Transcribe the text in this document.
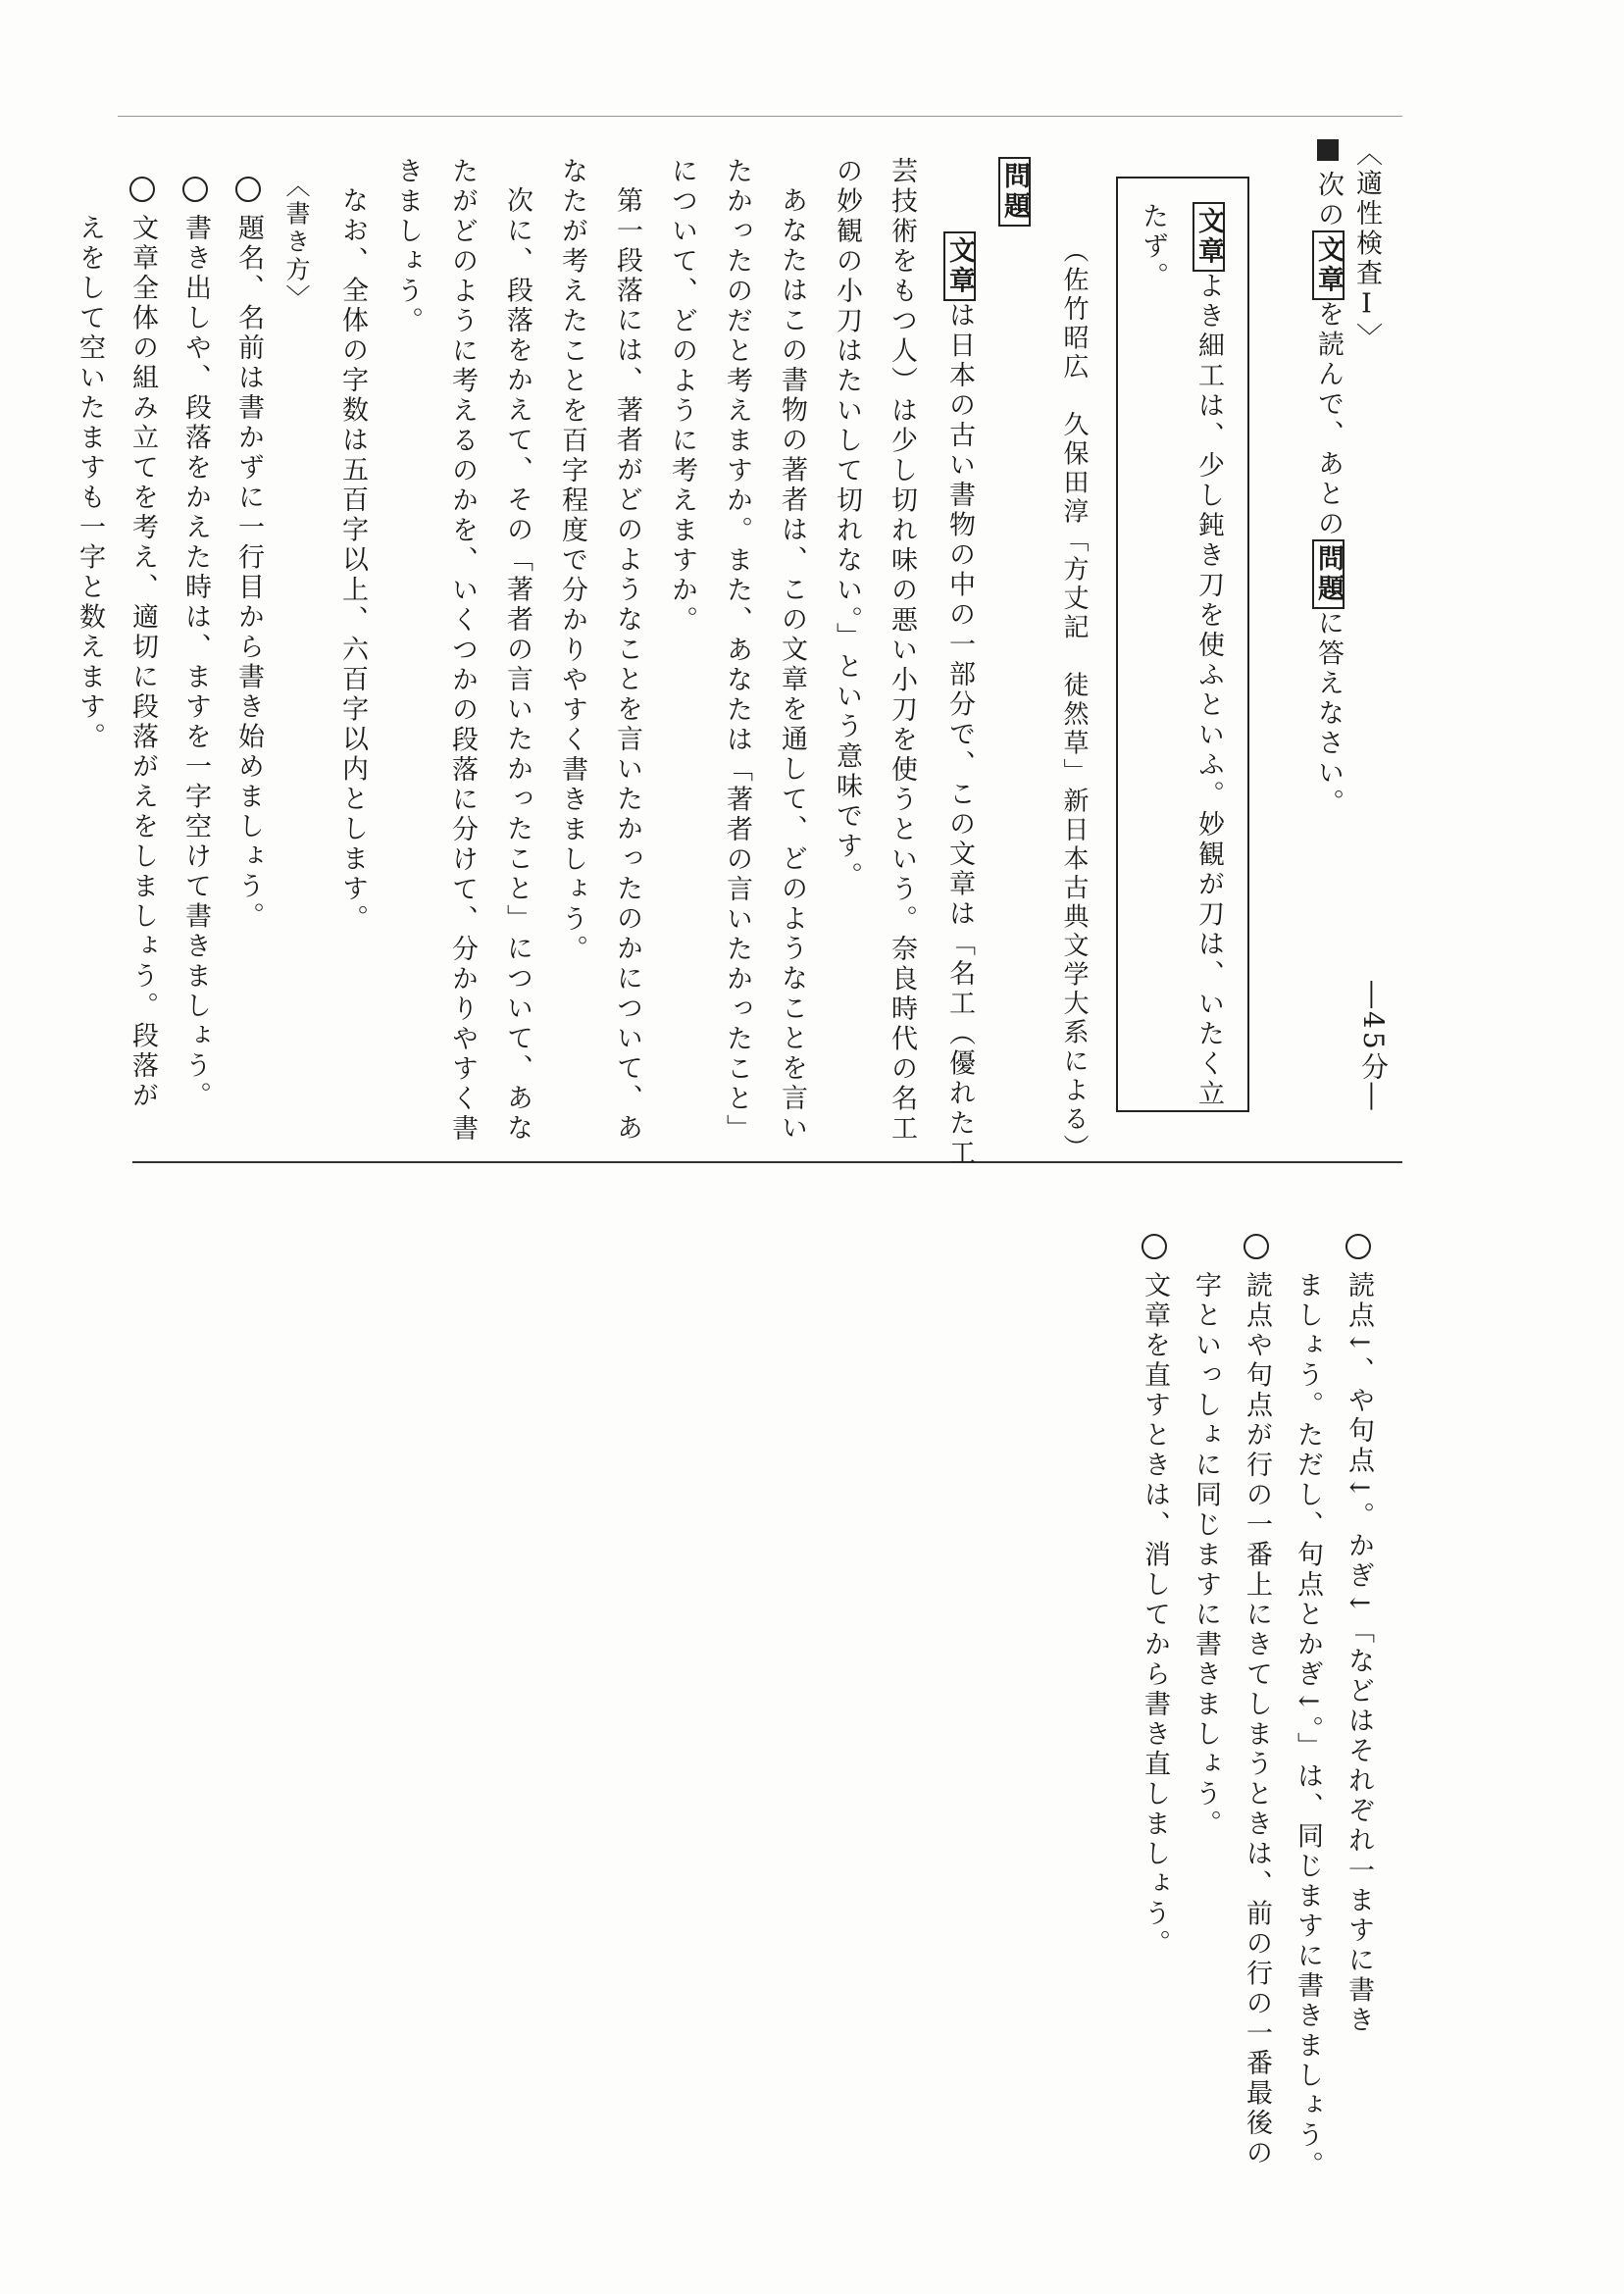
〈適性検査Ⅰ〉
次の文章を読んで、あとの問題に答えなさい。
―45分―
文章よき細工は、少し鈍き刀を使ふといふ。妙観が刀は、いたく立
たず。
（佐竹昭広　久保田淳「方丈記　徒然草」新日本古典文学大系による）
問題
文章は日本の古い書物の中の一部分で、この文章は「名工（優れた工
芸技術をもつ人）は少し切れ味の悪い小刀を使うという。奈良時代の名工
の妙観の小刀はたいして切れない。」という意味です。
あなたはこの書物の著者は、この文章を通して、どのようなことを言い
たかったのだと考えますか。また、あなたは「著者の言いたかったこと」
について、どのように考えますか。
第一段落には、著者がどのようなことを言いたかったのかについて、あ
なたが考えたことを百字程度で分かりやすく書きましょう。
次に、段落をかえて、その「著者の言いたかったこと」について、あな
たがどのように考えるのかを、いくつかの段落に分けて、分かりやすく書
きましょう。
なお、全体の字数は五百字以上、六百字以内とします。
〈書き方〉
題名、名前は書かずに一行目から書き始めましょう。
書き出しや、段落をかえた時は、ますを一字空けて書きましょう。
文章全体の組み立てを考え、適切に段落がえをしましょう。段落が
えをして空いたますも一字と数えます。
読点↓、や句点↓。かぎ↓「などはそれぞれ一ますに書き
ましょう。ただし、句点とかぎ↓。」は、同じますに書きましょう。
読点や句点が行の一番上にきてしまうときは、前の行の一番最後の
字といっしょに同じますに書きましょう。
文章を直すときは、消してから書き直しましょう。
